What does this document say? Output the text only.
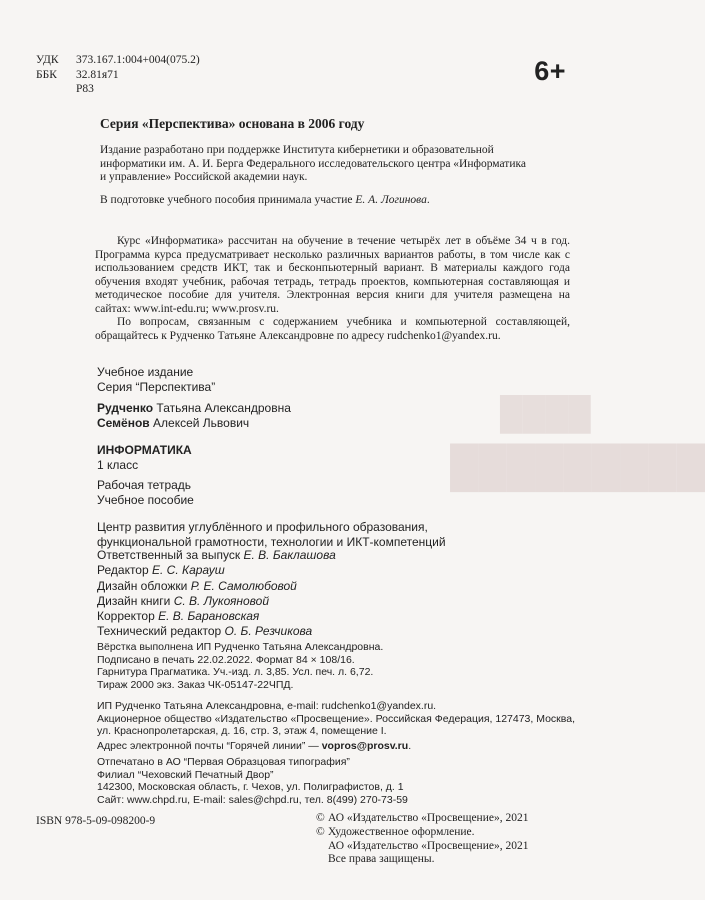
█████████
████
УДК	373.167.1:004+004(075.2)
ББК	32.81я71
Р83
6+
Серия «Перспектива» основана в 2006 году
Издание разработано при поддержке Института кибернетики и образовательной информатики им. А. И. Берга Федерального исследовательского центра «Информатика и управление» Российской академии наук.
В подготовке учебного пособия принимала участие Е. А. Логинова.

Курс «Информатика» рассчитан на обучение в течение четырёх лет в объёме 34 ч в год. Программа курса предусматривает несколько различных вариантов работы, в том числе как с использованием средств ИКТ, так и бесконпьютерный вариант. В материалы каждого года обучения входят учебник, рабочая тетрадь, тетрадь проектов, компьютерная составляющая и методическое пособие для учителя. Электронная версия книги для учителя размещена на сайтах: www.int-edu.ru; www.prosv.ru.

По вопросам, связанным с содержанием учебника и компьютерной составляющей, обращайтесь к Рудченко Татьяне Александровне по адресу rudchenko1@yandex.ru.

Учебное издание
Серия “Перспектива”
Рудченко Татьяна Александровна
Семёнов Алексей Львович
ИНФОРМАТИКА
1 класс
Рабочая тетрадь
Учебное пособие
Центр развития углублённого и профильного образования, функциональной грамотности, технологии и ИКТ-компетенций
Ответственный за выпуск Е. В. Баклашова
Редактор Е. С. Карауш
Дизайн обложки Р. Е. Самолюбовой
Дизайн книги С. В. Лукояновой
Корректор Е. В. Барановская
Технический редактор О. Б. Резчикова
Вёрстка выполнена ИП Рудченко Татьяна Александровна.
Подписано в печать 22.02.2022. Формат 84 × 108/16.
Гарнитура Прагматика. Уч.-изд. л. 3,85. Усл. печ. л. 6,72.
Тираж 2000 экз. Заказ ЧК-05147-22ЧПД.
ИП Рудченко Татьяна Александровна, e-mail: rudchenko1@yandex.ru.
Акционерное общество «Издательство «Просвещение». Российская Федерация, 127473, Москва,
ул. Краснопролетарская, д. 16, стр. 3, этаж 4, помещение I.
Адрес электронной почты “Горячей линии” — vopros@prosv.ru.
Отпечатано в АО “Первая Образцовая типография”
Филиал “Чеховский Печатный Двор”
142300, Московская область, г. Чехов, ул. Полиграфистов, д. 1
Сайт: www.chpd.ru, E-mail: sales@chpd.ru, тел. 8(499) 270-73-59
ISBN 978-5-09-098200-9	© АО «Издательство «Просвещение», 2021
© Художественное оформление.
АО «Издательство «Просвещение», 2021
Все права защищены.
